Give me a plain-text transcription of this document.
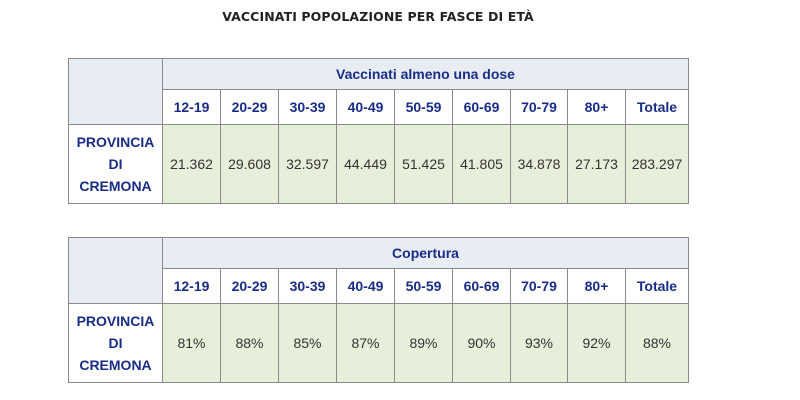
VACCINATI POPOLAZIONE PER FASCE DI ETÀ
	Vaccinati almeno una dose								
	12-19	20-29	30-39	40-49	50-59	60-69	70-79	80+	Totale

PROVINCIA
DI
CREMONA	21.362	29.608	32.597	44.449	51.425	41.805	34.878	27.173	283.297
	Copertura								
	12-19	20-29	30-39	40-49	50-59	60-69	70-79	80+	Totale

PROVINCIA
DI
CREMONA	81%	88%	85%	87%	89%	90%	93%	92%	88%
